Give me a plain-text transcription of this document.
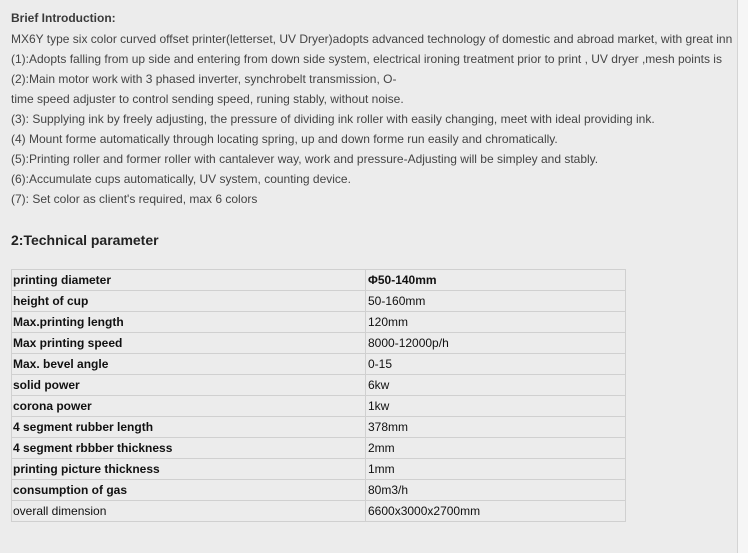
Brief Introduction:
MX6Y type six color curved offset printer(letterset, UV Dryer)adopts advanced technology of domestic and abroad market, with great inn
(1):Adopts falling from up side and entering from down side system, electrical ironing treatment prior to print , UV dryer ,mesh points is
(2):Main motor work with 3 phased inverter, synchrobelt transmission, O-
time speed adjuster to control sending speed, runing stably, without noise.
(3): Supplying ink by freely adjusting, the pressure of dividing ink roller with easily changing, meet with ideal providing ink.
(4) Mount forme automatically through locating spring, up and down forme run easily and chromatically.
(5):Printing roller and former roller with cantalever way, work and pressure-Adjusting will be simpley and stably.
(6):Accumulate cups automatically, UV system, counting device.
(7): Set color as client's required, max 6 colors
2:Technical parameter
printing diameter	Φ50-140mm
height of cup	50-160mm
Max.printing length	120mm
Max printing speed	8000-12000p/h
Max. bevel angle	0-15
solid power	6kw
corona power	1kw
4 segment rubber length	378mm
4 segment rbbber thickness	2mm
printing picture thickness	1mm
consumption of gas	80m3/h
overall dimension	6600x3000x2700mm
